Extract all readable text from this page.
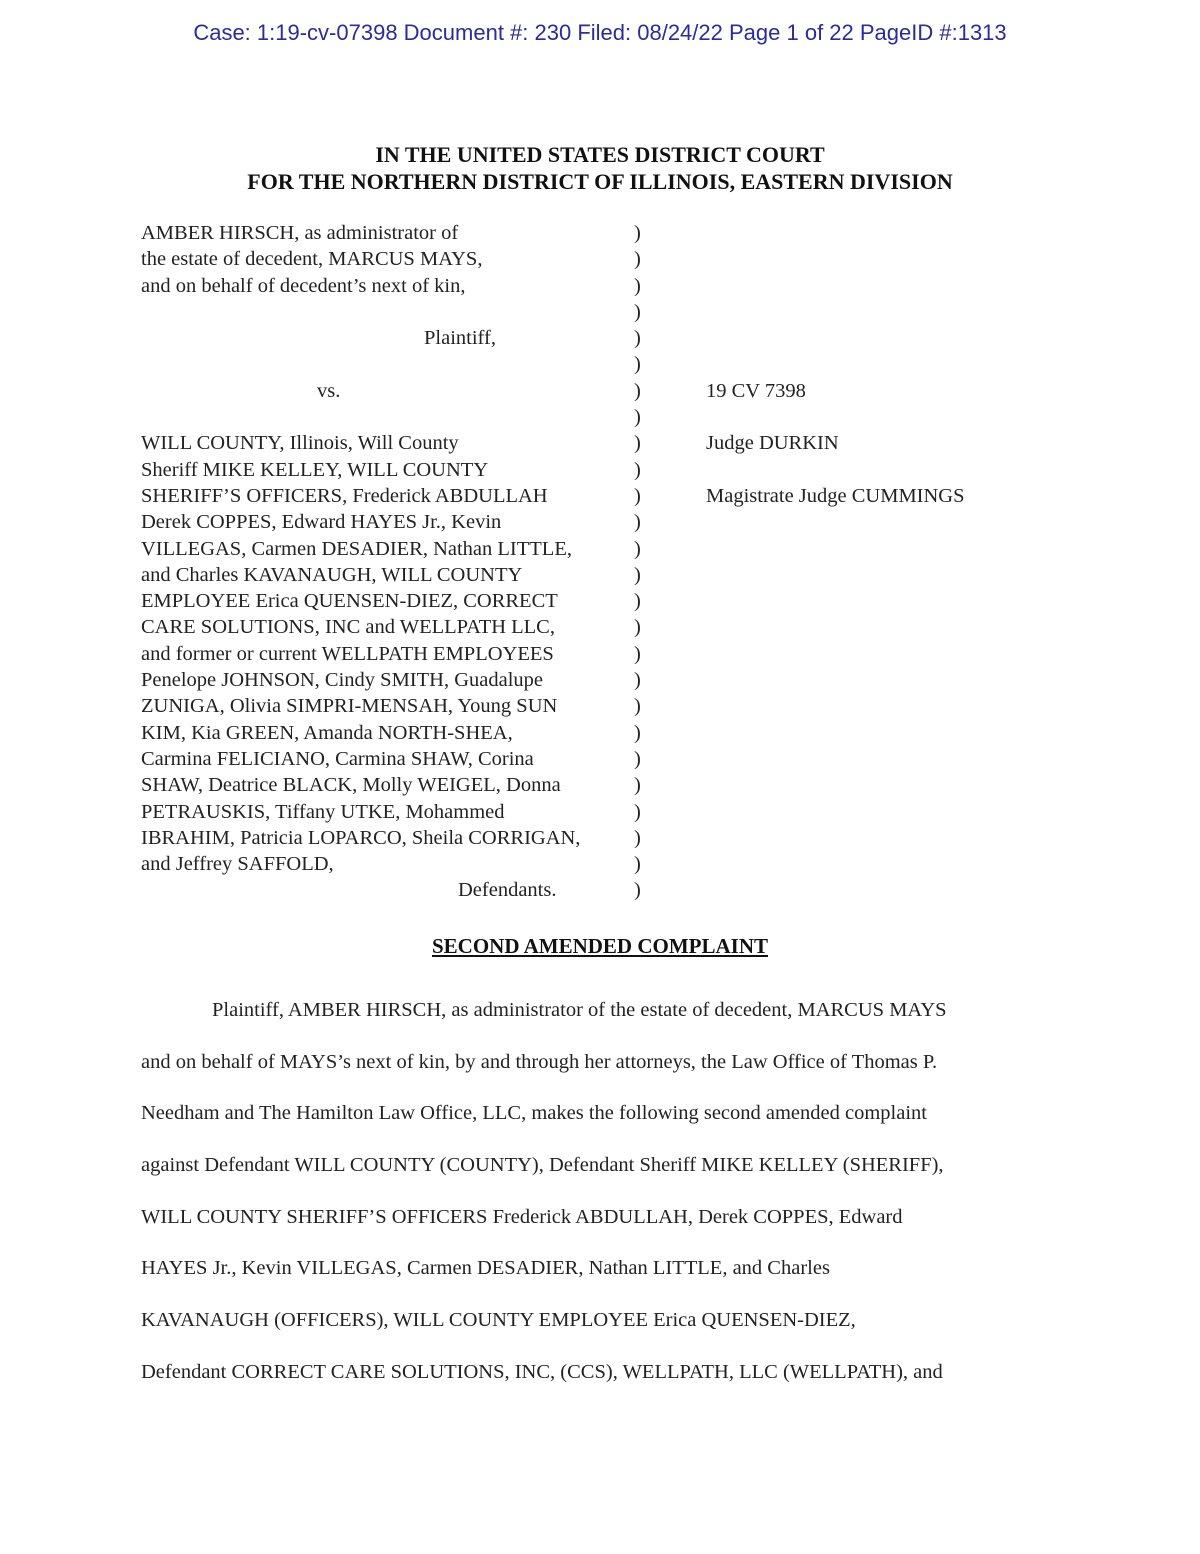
Case: 1:19-cv-07398 Document #: 230 Filed: 08/24/22 Page 1 of 22 PageID #:1313
IN THE UNITED STATES DISTRICT COURT
FOR THE NORTHERN DISTRICT OF ILLINOIS, EASTERN DIVISION
AMBER HIRSCH, as administrator of	)
the estate of decedent, MARCUS MAYS,	)
and on behalf of decedent’s next of kin,	)
)
Plaintiff,	)
)
vs.	)	19 CV 7398
)
WILL COUNTY, Illinois, Will County	)	Judge DURKIN
Sheriff MIKE KELLEY, WILL COUNTY	)
SHERIFF’S OFFICERS, Frederick ABDULLAH	)	Magistrate Judge CUMMINGS
Derek COPPES, Edward HAYES Jr., Kevin	)
VILLEGAS, Carmen DESADIER, Nathan LITTLE,	)
and Charles KAVANAUGH, WILL COUNTY	)
EMPLOYEE Erica QUENSEN-DIEZ, CORRECT	)
CARE SOLUTIONS, INC and WELLPATH LLC,	)
and former or current WELLPATH EMPLOYEES	)
Penelope JOHNSON, Cindy SMITH, Guadalupe	)
ZUNIGA, Olivia SIMPRI-MENSAH, Young SUN	)
KIM, Kia GREEN, Amanda NORTH-SHEA,	)
Carmina FELICIANO, Carmina SHAW, Corina	)
SHAW, Deatrice BLACK, Molly WEIGEL, Donna	)
PETRAUSKIS, Tiffany UTKE, Mohammed	)
IBRAHIM, Patricia LOPARCO, Sheila CORRIGAN,	)
and Jeffrey SAFFOLD,	)
Defendants.	)
SECOND AMENDED COMPLAINT
Plaintiff, AMBER HIRSCH, as administrator of the estate of decedent, MARCUS MAYS
and on behalf of MAYS’s next of kin, by and through her attorneys, the Law Office of Thomas P.
Needham and The Hamilton Law Office, LLC, makes the following second amended complaint
against Defendant WILL COUNTY (COUNTY), Defendant Sheriff MIKE KELLEY (SHERIFF),
WILL COUNTY SHERIFF’S OFFICERS Frederick ABDULLAH, Derek COPPES, Edward
HAYES Jr., Kevin VILLEGAS, Carmen DESADIER, Nathan LITTLE, and Charles
KAVANAUGH (OFFICERS), WILL COUNTY EMPLOYEE Erica QUENSEN-DIEZ,
Defendant CORRECT CARE SOLUTIONS, INC, (CCS), WELLPATH, LLC (WELLPATH), and
